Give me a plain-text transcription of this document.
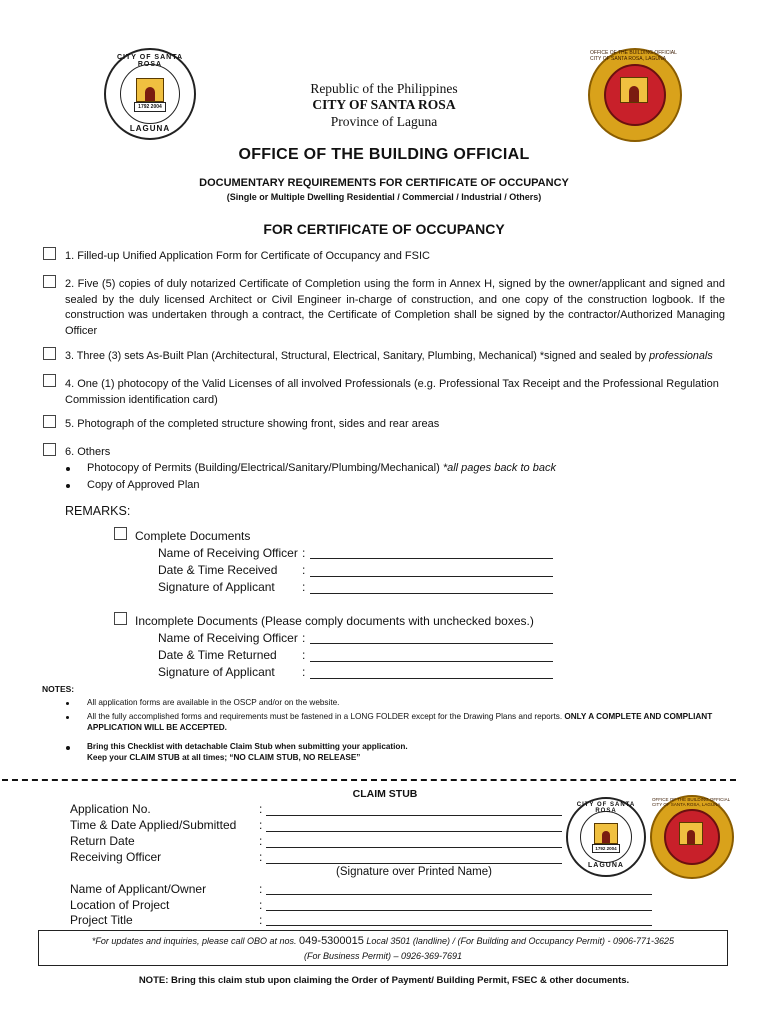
CITY OF SANTA ROSA
1792 2004
LAGUNA
OFFICE OF THE BUILDING OFFICIAL
CITY OF SANTA ROSA, LAGUNA
Republic of the Philippines
CITY OF SANTA ROSA
Province of Laguna
OFFICE OF THE BUILDING OFFICIAL
DOCUMENTARY REQUIREMENTS FOR CERTIFICATE OF OCCUPANCY
(Single or Multiple Dwelling Residential / Commercial / Industrial / Others)
FOR CERTIFICATE OF OCCUPANCY
1. Filled-up Unified Application Form for Certificate of Occupancy and FSIC
2. Five (5) copies of duly notarized Certificate of Completion using the form in Annex H, signed by the owner/applicant and signed and sealed by the duly licensed Architect or Civil Engineer in-charge of construction, and one copy of the construction logbook. If the construction was undertaken through a contract, the Certificate of Completion shall be signed by the contractor/Authorized Managing Officer
3. Three (3) sets As-Built Plan (Architectural, Structural, Electrical, Sanitary, Plumbing, Mechanical) *signed and sealed by professionals
4. One (1) photocopy of the Valid Licenses of all involved Professionals (e.g. Professional Tax Receipt and the Professional Regulation Commission identification card)
5. Photograph of the completed structure showing front, sides and rear areas
6. Others
Photocopy of Permits (Building/Electrical/Sanitary/Plumbing/Mechanical) *all pages back to back
Copy of Approved Plan
REMARKS:
Complete Documents
Name of Receiving Officer :
Date & Time Received :
Signature of Applicant :
Incomplete Documents (Please comply documents with unchecked boxes.)
Name of Receiving Officer :
Date & Time Returned :
Signature of Applicant :
NOTES:
All application forms are available in the OSCP and/or on the website.
All the fully accomplished forms and requirements must be fastened in a LONG FOLDER except for the Drawing Plans and reports. ONLY A COMPLETE AND COMPLIANT APPLICATION WILL BE ACCEPTED.
Bring this Checklist with detachable Claim Stub when submitting your application.
Keep your CLAIM STUB at all times; “NO CLAIM STUB, NO RELEASE”
CLAIM STUB
Application No.	:
Time & Date Applied/Submitted :
Return Date	:
Receiving Officer	:
(Signature over Printed Name)
Name of Applicant/Owner	:
Location of Project	:
Project Title	:
CITY OF SANTA ROSA
1792 2004
LAGUNA
OFFICE OF THE BUILDING OFFICIAL
CITY OF SANTA ROSA, LAGUNA
*For updates and inquiries, please call OBO at nos. 049-5300015 Local 3501 (landline) / (For Building and Occupancy Permit) - 0906-771-3625
(For Business Permit) – 0926-369-7691
NOTE: Bring this claim stub upon claiming the Order of Payment/ Building Permit, FSEC & other documents.
